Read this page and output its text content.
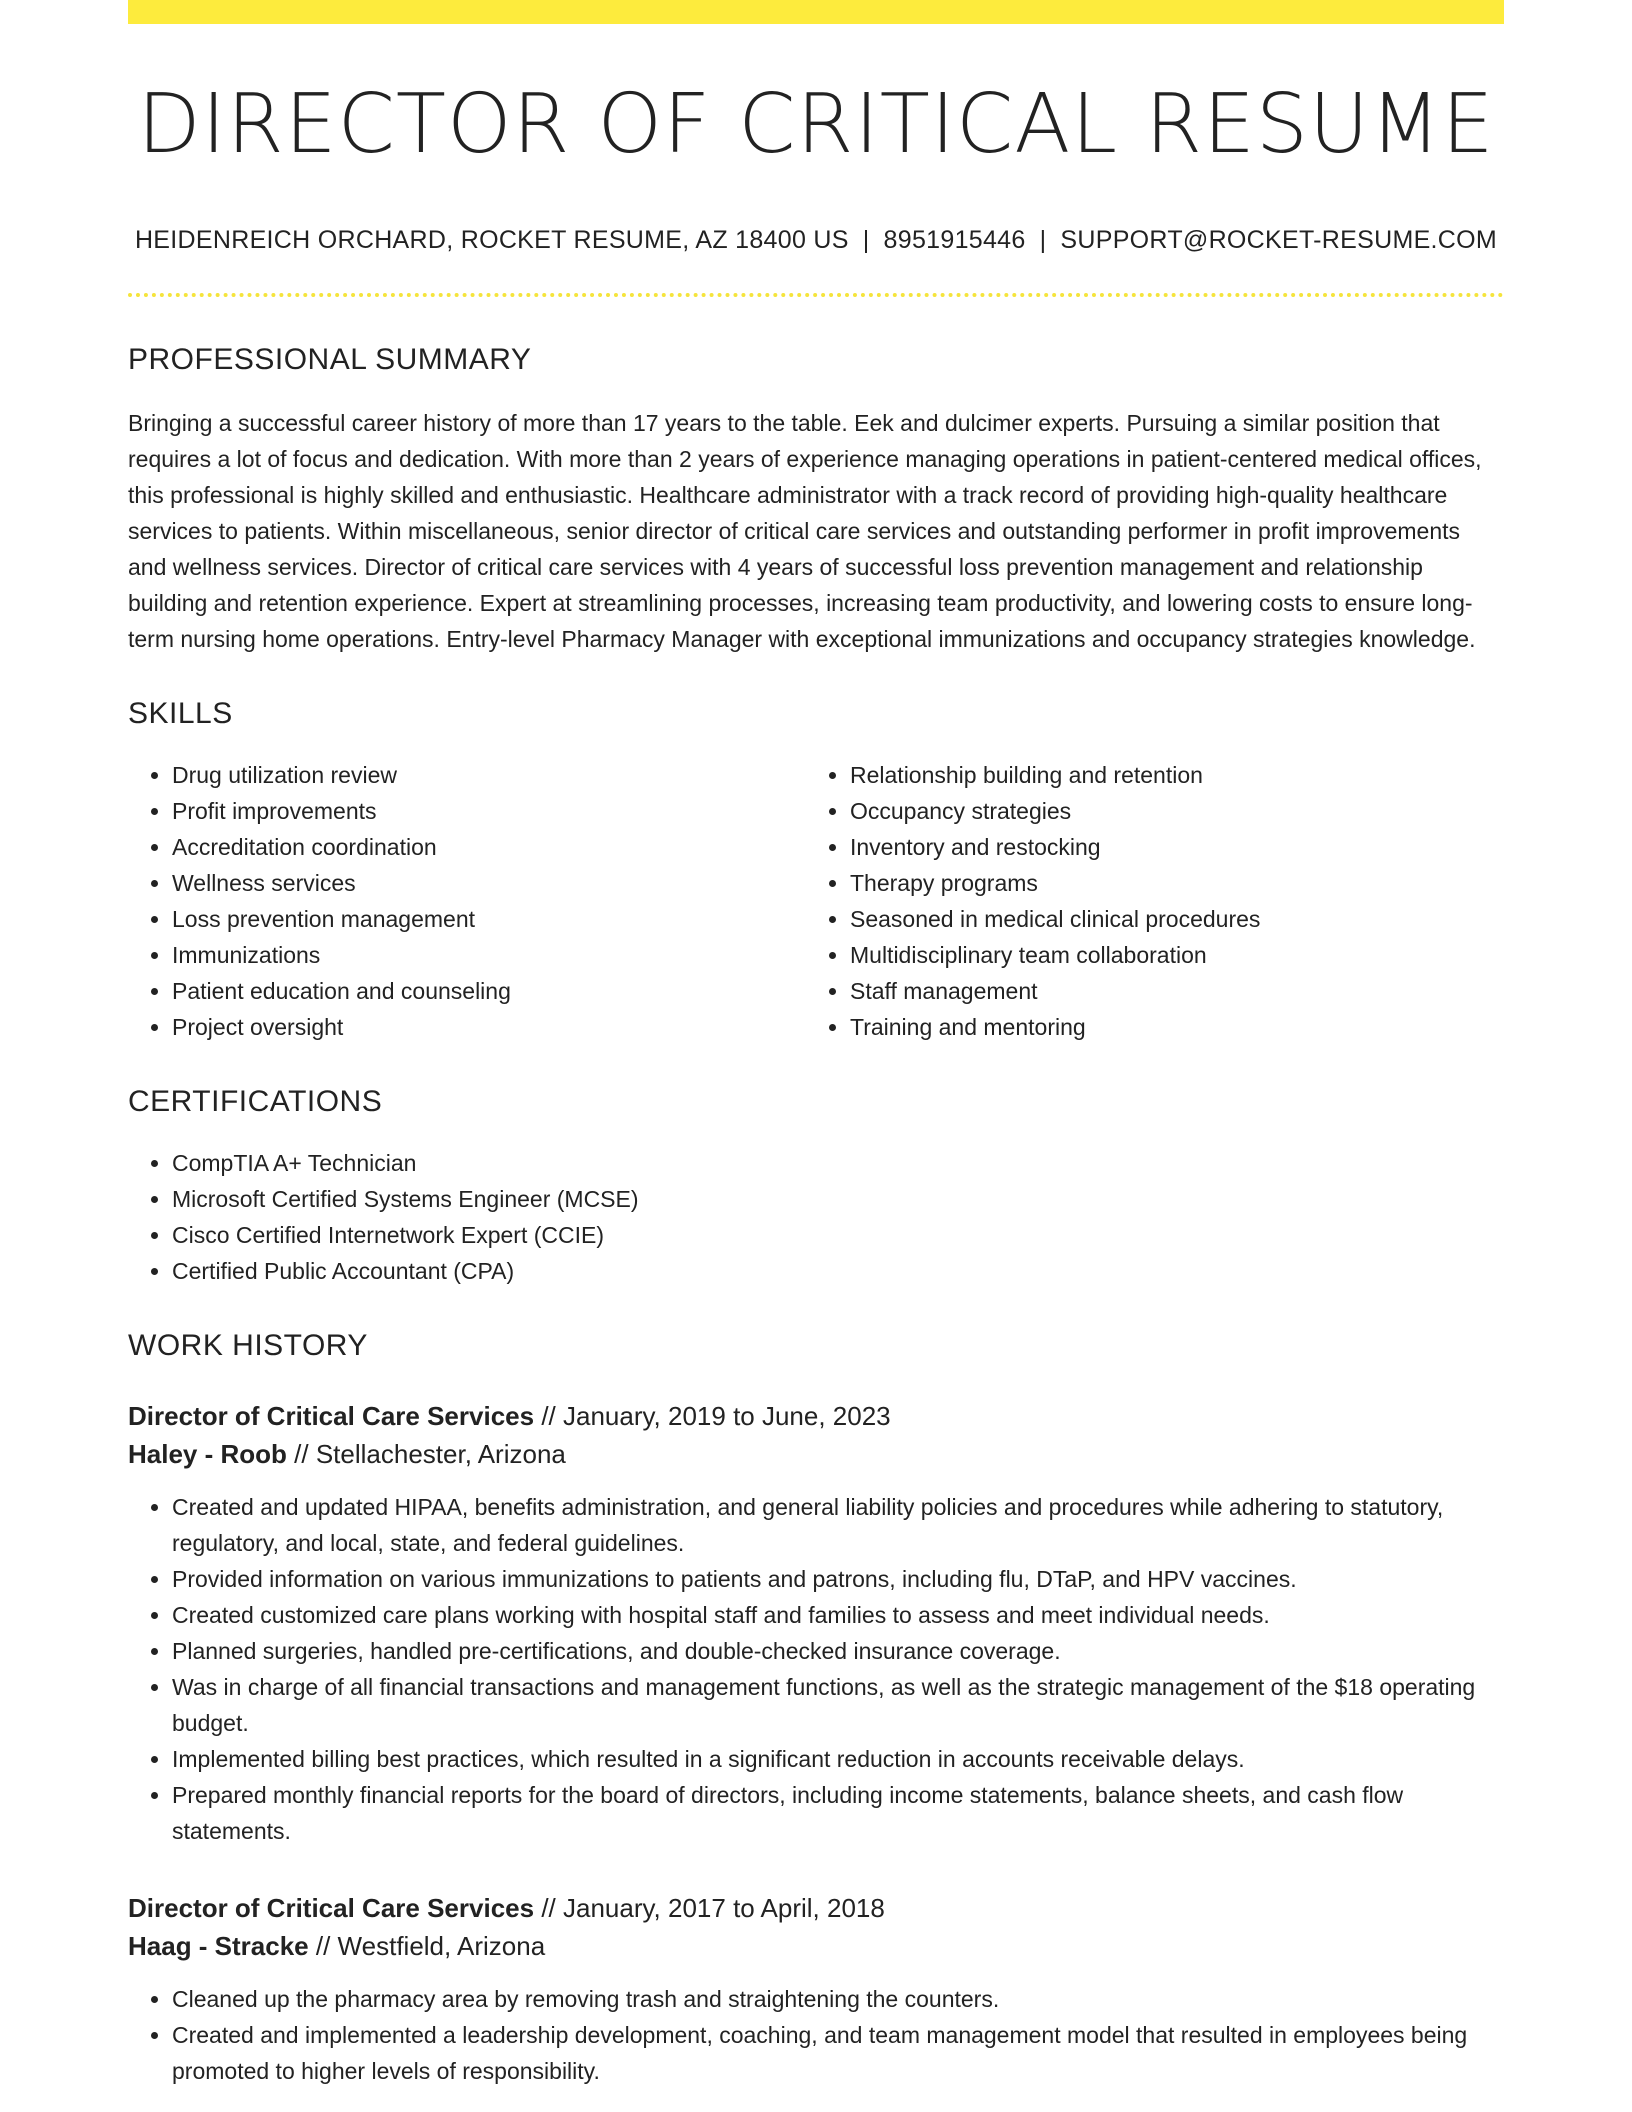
DIRECTOR OF CRITICAL RESUME
HEIDENREICH ORCHARD, ROCKET RESUME, AZ 18400 US | 8951915446 | SUPPORT@ROCKET-RESUME.COM
PROFESSIONAL SUMMARY

Bringing a successful career history of more than 17 years to the table. Eek and dulcimer experts. Pursuing a similar position that requires a lot of focus and dedication. With more than 2 years of experience managing operations in patient-centered medical offices, this professional is highly skilled and enthusiastic. Healthcare administrator with a track record of providing high-quality healthcare services to patients. Within miscellaneous, senior director of critical care services and outstanding performer in profit improvements and wellness services. Director of critical care services with 4 years of successful loss prevention management and relationship building and retention experience. Expert at streamlining processes, increasing team productivity, and lowering costs to ensure long-term nursing home operations. Entry-level Pharmacy Manager with exceptional immunizations and occupancy strategies knowledge.

SKILLS
• Drug utilization review
• Profit improvements
• Accreditation coordination
• Wellness services
• Loss prevention management
• Immunizations
• Patient education and counseling
• Project oversight
• Relationship building and retention
• Occupancy strategies
• Inventory and restocking
• Therapy programs
• Seasoned in medical clinical procedures
• Multidisciplinary team collaboration
• Staff management
• Training and mentoring
CERTIFICATIONS
• CompTIA A+ Technician
• Microsoft Certified Systems Engineer (MCSE)
• Cisco Certified Internetwork Expert (CCIE)
• Certified Public Accountant (CPA)
WORK HISTORY
Director of Critical Care Services // January, 2019 to June, 2023
Haley - Roob // Stellachester, Arizona
• Created and updated HIPAA, benefits administration, and general liability policies and procedures while adhering to statutory, regulatory, and local, state, and federal guidelines.
• Provided information on various immunizations to patients and patrons, including flu, DTaP, and HPV vaccines.
• Created customized care plans working with hospital staff and families to assess and meet individual needs.
• Planned surgeries, handled pre-certifications, and double-checked insurance coverage.
• Was in charge of all financial transactions and management functions, as well as the strategic management of the $18 operating budget.
• Implemented billing best practices, which resulted in a significant reduction in accounts receivable delays.
• Prepared monthly financial reports for the board of directors, including income statements, balance sheets, and cash flow statements.
Director of Critical Care Services // January, 2017 to April, 2018
Haag - Stracke // Westfield, Arizona
• Cleaned up the pharmacy area by removing trash and straightening the counters.
• Created and implemented a leadership development, coaching, and team management model that resulted in employees being promoted to higher levels of responsibility.
